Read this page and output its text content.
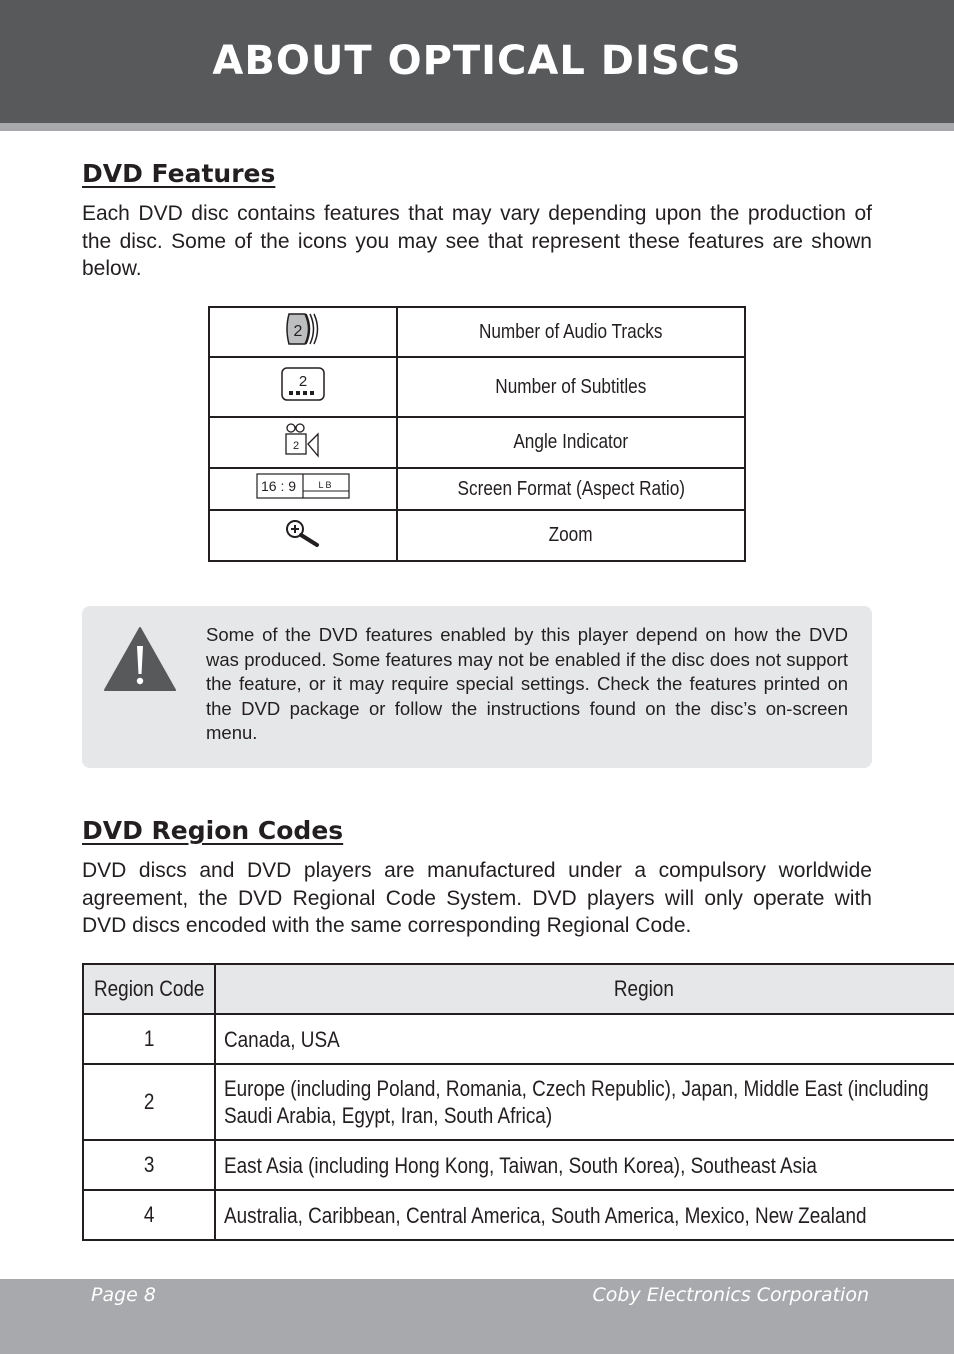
ABOUT OPTICAL DISCS
DVD Features
Each DVD disc contains features that may vary depending upon the production of the disc. Some of the icons you may see that represent these features are shown below.
2	Number of Audio Tracks

2	Number of Subtitles

2	Angle Indicator

16 : 9 LB	Screen Format (Aspect Ratio)
	Zoom
Some of the DVD features enabled by this player depend on how the DVD was produced. Some features may not be enabled if the disc does not support the feature, or it may require special settings. Check the features printed on the DVD package or follow the instructions found on the disc’s on-screen menu.
DVD Region Codes
DVD discs and DVD players are manufactured under a compulsory worldwide agreement, the DVD Regional Code System. DVD players will only operate with DVD discs encoded with the same corresponding Regional Code.
Region Code	Region
1	Canada, USA
2	Europe (including Poland, Romania, Czech Republic), Japan, Middle East (including Saudi Arabia, Egypt, Iran, South Africa)

3	East Asia (including Hong Kong, Taiwan, South Korea), Southeast Asia
4	Australia, Caribbean, Central America, South America, Mexico, New Zealand
Page 8	Coby Electronics Corporation
